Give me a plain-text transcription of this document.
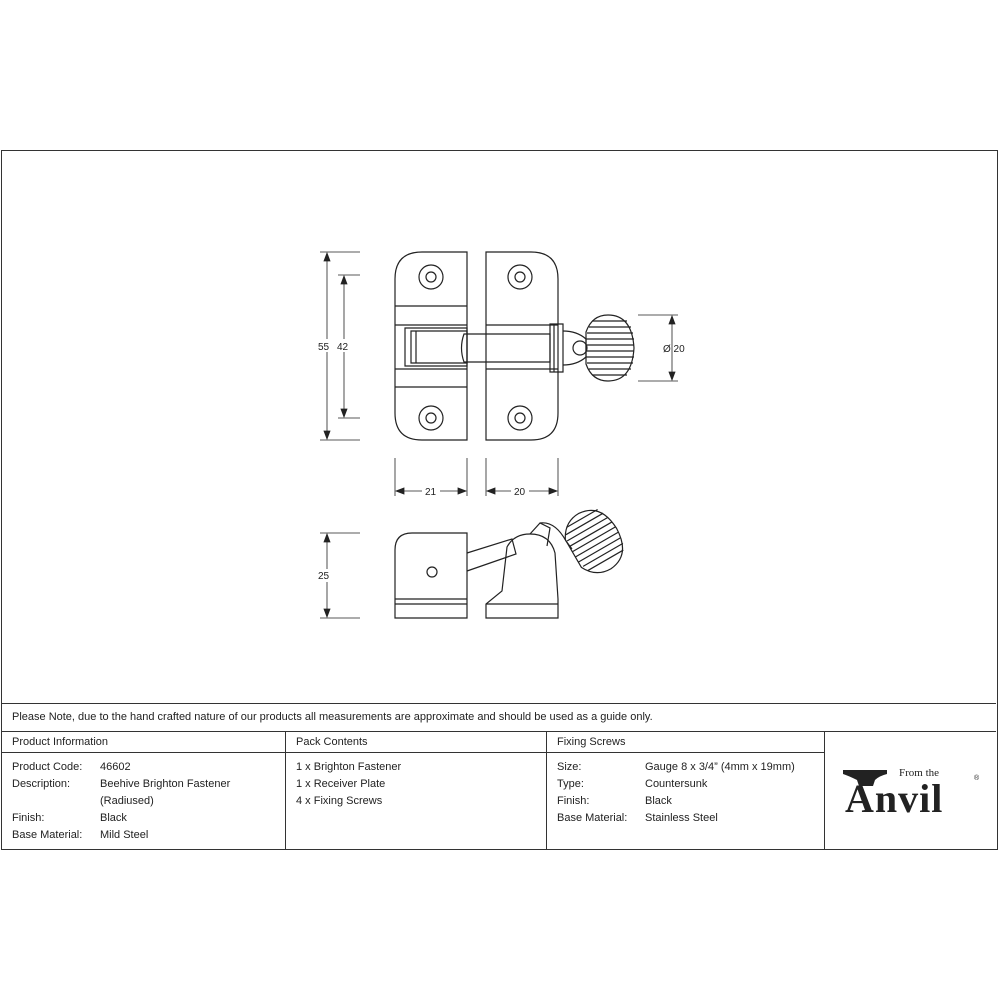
55 42	Ø 20
21	20
25
Please Note, due to the hand crafted nature of our products all measurements are approximate and should be used as a guide only.
Product Information
Product Code: 46602
Description:	Beehive Brighton Fastener
(Radiused)
Finish:	Black
Base Material: Mild Steel
Pack Contents
1 x Brighton Fastener
1 x Receiver Plate
4 x Fixing Screws
Fixing Screws
Size:	Gauge 8 x 3/4” (4mm x 19mm)
Type:	Countersunk
Finish:	Black
Base Material: Stainless Steel
From the
Anvil	®
